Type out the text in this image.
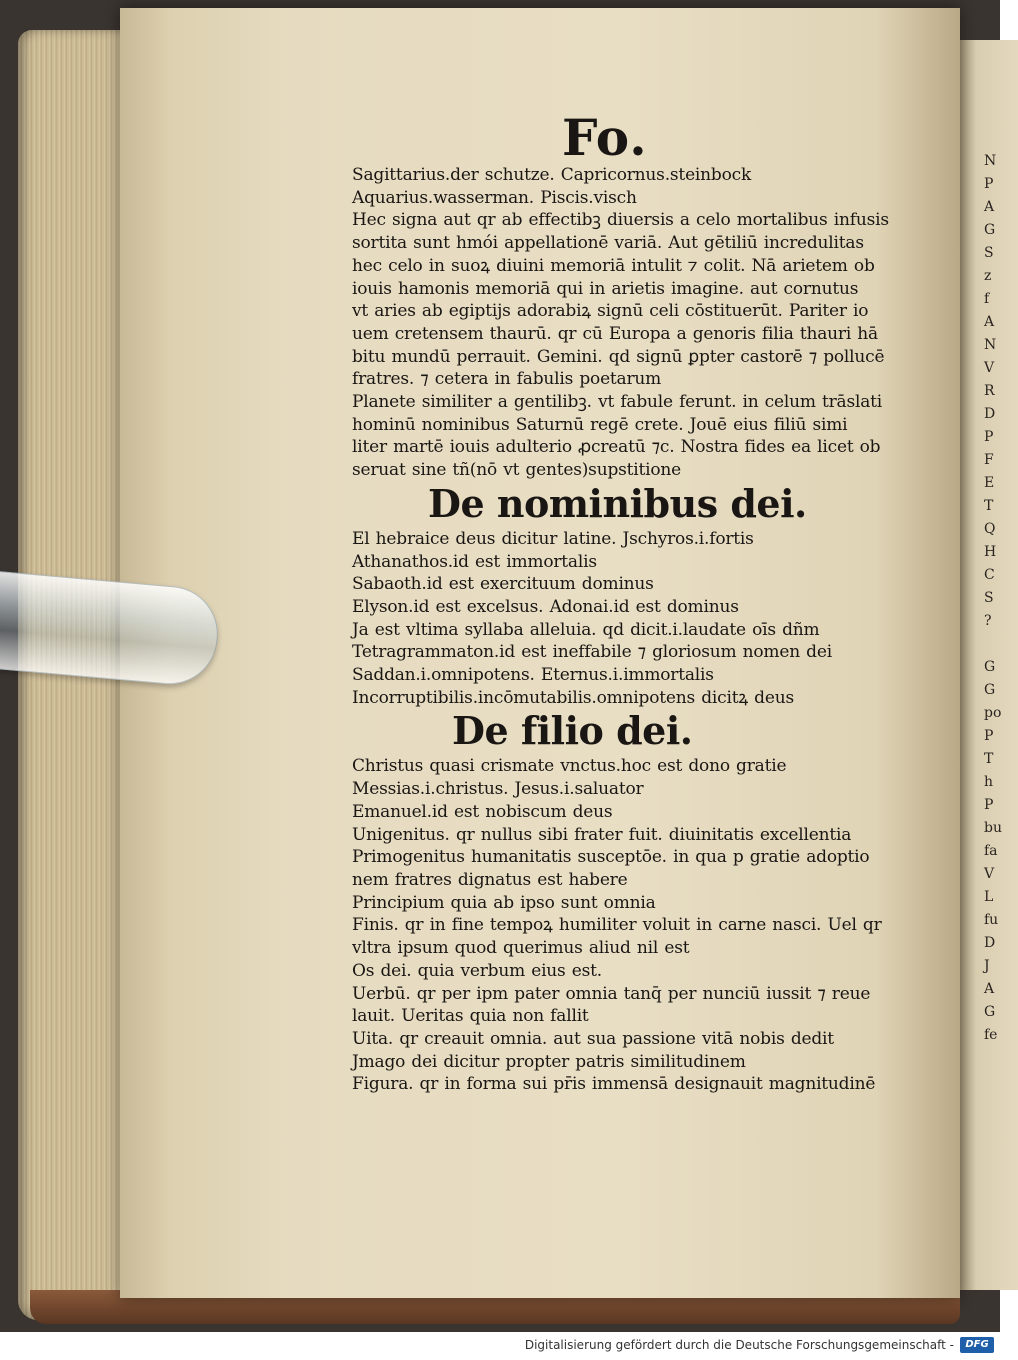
N
P
A
G
S
z
f
A
N
V
R
D
P
F
E
T
Q
H
C
S
?

G
G
po
P
T
h
P
bu
fa
V
L
fu
D
J
A
G
fe
Fo.
Sagittarius.der schutze. Capricornus.steinbock
Aquarius.wasserman. Piscis.visch
Hec signa aut qr ab effectibꝫ diuersis a celo mortalibus infusis
sortita sunt hmói appellationē variā. Aut gētiliū incredulitas
hec celo in suoꝝ diuini memoriā intulit ⁊ colit. Nā arietem ob
iouis hamonis memoriā qui in arietis imagine. aut cornutus
vt aries ab egiptijs adorabiꝝ signū celi cōstituerūt. Pariter io
uem cretensem thaurū. qr cū Europa a genoris filia thauri hā
bitu mundū perrauit. Gemini. qd signū ꝑpter castorē ⁊ pollucē
fratres. ⁊ cetera in fabulis poetarum
Planete similiter a gentilibꝫ. vt fabule ferunt. in celum trāslati
hominū nominibus Saturnū regē crete. Jouē eius filiū simi
liter martē iouis adulterio ꝓcreatū ⁊c. Nostra fides ea licet ob
seruat sine tñ(nō vt gentes)supstitione
De nominibus dei.
El hebraice deus dicitur latine. Jschyros.i.fortis
Athanathos.id est immortalis
Sabaoth.id est exercituum dominus
Elyson.id est excelsus. Adonai.id est dominus
Ja est vltima syllaba alleluia. qd dicit.i.laudate oīs dñm
Tetragrammaton.id est ineffabile ⁊ gloriosum nomen dei
Saddan.i.omnipotens. Eternus.i.immortalis
Incorruptibilis.incōmutabilis.omnipotens dicitꝝ deus
De filio dei.
Christus quasi crismate vnctus.hoc est dono gratie
Messias.i.christus. Jesus.i.saluator
Emanuel.id est nobiscum deus
Unigenitus. qr nullus sibi frater fuit. diuinitatis excellentia
Primogenitus humanitatis susceptōe. in qua p gratie adoptio
nem fratres dignatus est habere
Principium quia ab ipso sunt omnia
Finis. qr in fine tempoꝝ humiliter voluit in carne nasci. Uel qr
vltra ipsum quod querimus aliud nil est
Os dei. quia verbum eius est.
Uerbū. qr per ipm pater omnia tanq̄ per nunciū iussit ⁊ reue
lauit. Ueritas quia non fallit
Uita. qr creauit omnia. aut sua passione vitā nobis dedit
Jmago dei dicitur propter patris similitudinem
Figura. qr in forma sui pr̄is immensā designauit magnitudinē
Digitalisierung gefördert durch die Deutsche Forschungsgemeinschaft -	DFG
